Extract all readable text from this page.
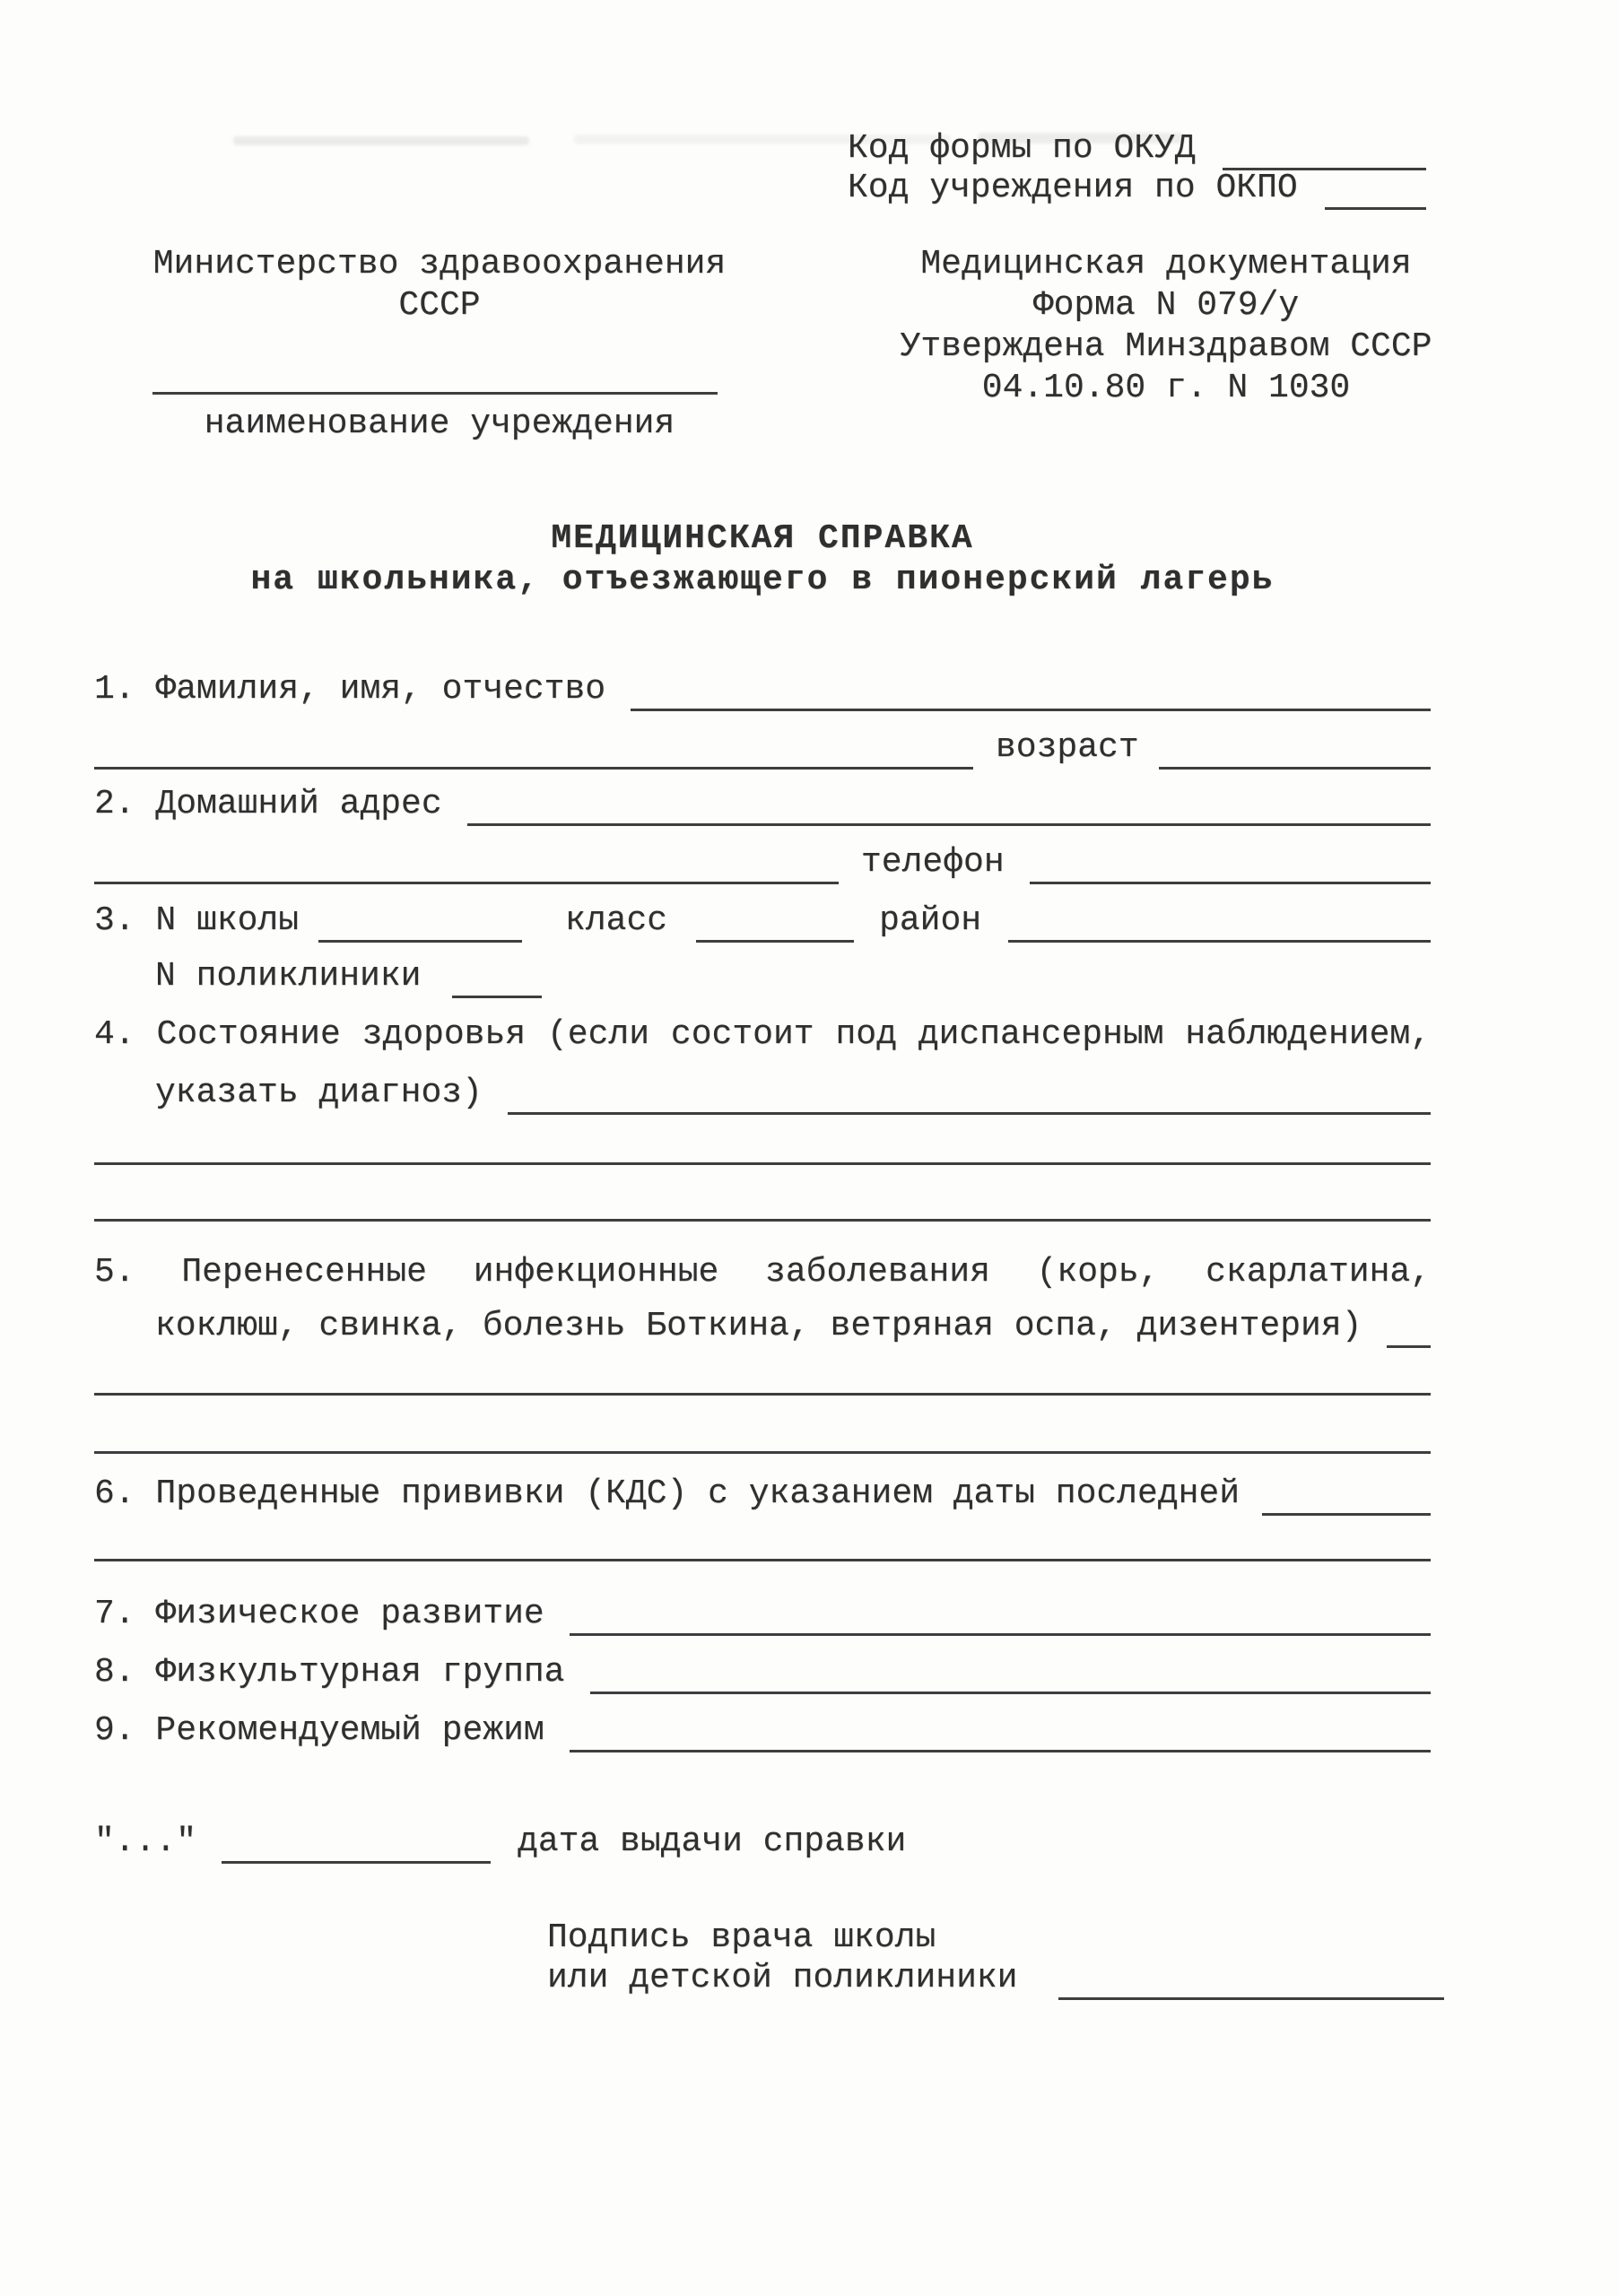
Код формы по ОКУД
Код учреждения по ОКПО
Министерство здравоохранения
СССР
наименование учреждения
Медицинская документация
Форма N 079/у
Утверждена Минздравом СССР
04.10.80 г. N 1030
МЕДИЦИНСКАЯ СПРАВКА
на школьника, отъезжающего в пионерский лагерь
1. Фамилия, имя, отчество
возраст
2. Домашний адрес
телефон
3. N школы	класс	район
N поликлиники
4. Состояние здоровья (если состоит под диспансерным наблюдением,
указать диагноз)
5. Перенесенные инфекционные заболевания (корь, скарлатина,
коклюш, свинка, болезнь Боткина, ветряная оспа, дизентерия)
6. Проведенные прививки (КДС) с указанием даты последней
7. Физическое развитие
8. Физкультурная группа
9. Рекомендуемый режим
"..."	дата выдачи справки
Подпись врача школы
или детской поликлиники
